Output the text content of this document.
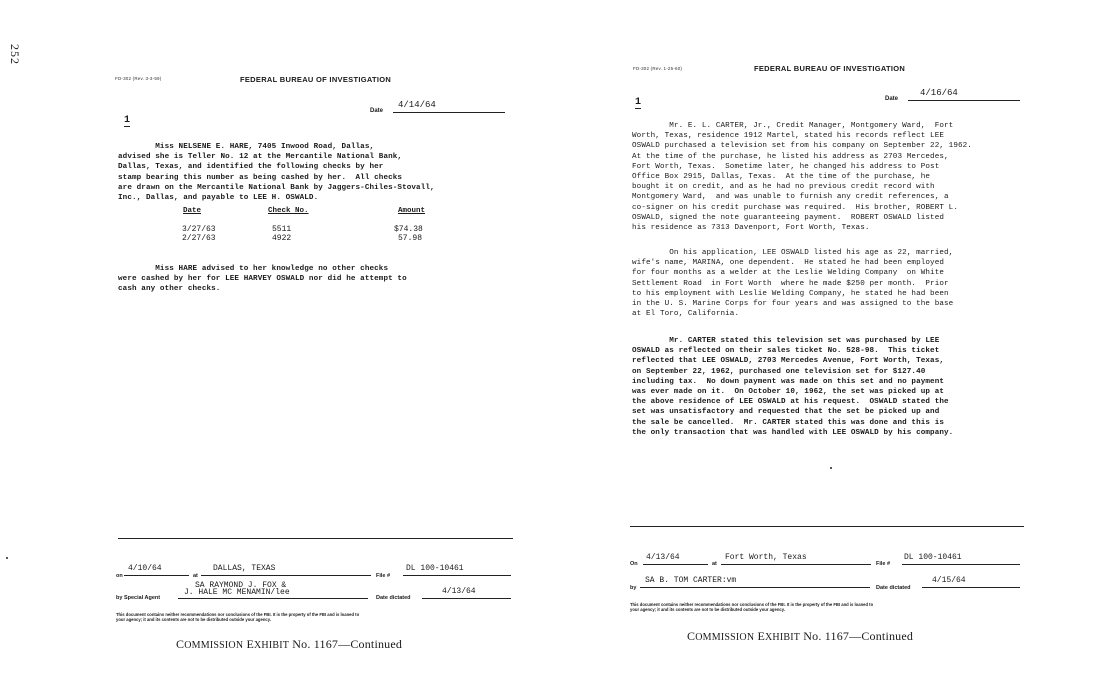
252
FD-302 (Rev. 3-3-59)	FEDERAL BUREAU OF INVESTIGATION
Date
4/14/64
1
Miss NELSENE E. HARE, 7405 Inwood Road, Dallas,
advised she is Teller No. 12 at the Mercantile National Bank,
Dallas, Texas, and identified the following checks by her
stamp bearing this number as being cashed by her.  All checks
are drawn on the Mercantile National Bank by Jaggers-Chiles-Stovall,
Inc., Dallas, and payable to LEE H. OSWALD.
Date	Check No.	Amount
3/27/63	5511	$74.38
2/27/63	4922	57.98
Miss HARE advised to her knowledge no other checks
were cashed by her for LEE HARVEY OSWALD nor did he attempt to
cash any other checks.
on
4/10/64
at
DALLAS, TEXAS
File #
DL 100-10461
SA RAYMOND J. FOX &
by Special Agent
J. HALE MC MENAMIN/lee
Date dictated
4/13/64
This document contains neither recommendations nor conclusions of the FBI. It is the property of the FBI and is loaned to
your agency; it and its contents are not to be distributed outside your agency.
COMMISSION EXHIBIT No. 1167—Continued
FD-302 (Rev. 1-25-60)	FEDERAL BUREAU OF INVESTIGATION
Date
4/16/64
1
Mr. E. L. CARTER, Jr., Credit Manager, Montgomery Ward,  Fort
Worth, Texas, residence 1912 Martel, stated his records reflect LEE
OSWALD purchased a television set from his company on September 22, 1962.
At the time of the purchase, he listed his address as 2703 Mercedes,
Fort Worth, Texas.  Sometime later, he changed his address to Post
Office Box 2915, Dallas, Texas.  At the time of the purchase, he
bought it on credit, and as he had no previous credit record with
Montgomery Ward,  and was unable to furnish any credit references, a
co-signer on his credit purchase was required.  His brother, ROBERT L.
OSWALD, signed the note guaranteeing payment.  ROBERT OSWALD listed
his residence as 7313 Davenport, Fort Worth, Texas.
On his application, LEE OSWALD listed his age as 22, married,
wife's name, MARINA, one dependent.  He stated he had been employed
for four months as a welder at the Leslie Welding Company  on White
Settlement Road  in Fort Worth  where he made $250 per month.  Prior
to his employment with Leslie Welding Company, he stated he had been
in the U. S. Marine Corps for four years and was assigned to the base
at El Toro, California.
Mr. CARTER stated this television set was purchased by LEE
OSWALD as reflected on their sales ticket No. 528-98.  This ticket
reflected that LEE OSWALD, 2703 Mercedes Avenue, Fort Worth, Texas,
on September 22, 1962, purchased one television set for $127.40
including tax.  No down payment was made on this set and no payment
was ever made on it.  On October 10, 1962, the set was picked up at
the above residence of LEE OSWALD at his request.  OSWALD stated the
set was unsatisfactory and requested that the set be picked up and
the sale be cancelled.  Mr. CARTER stated this was done and this is
the only transaction that was handled with LEE OSWALD by his company.
On
4/13/64
at
Fort Worth, Texas
File #
DL 100-10461
by
SA B. TOM CARTER:vm
Date dictated
4/15/64
This document contains neither recommendations nor conclusions of the FBI. It is the property of the FBI and is loaned to
your agency; it and its contents are not to be distributed outside your agency.
COMMISSION EXHIBIT No. 1167—Continued
